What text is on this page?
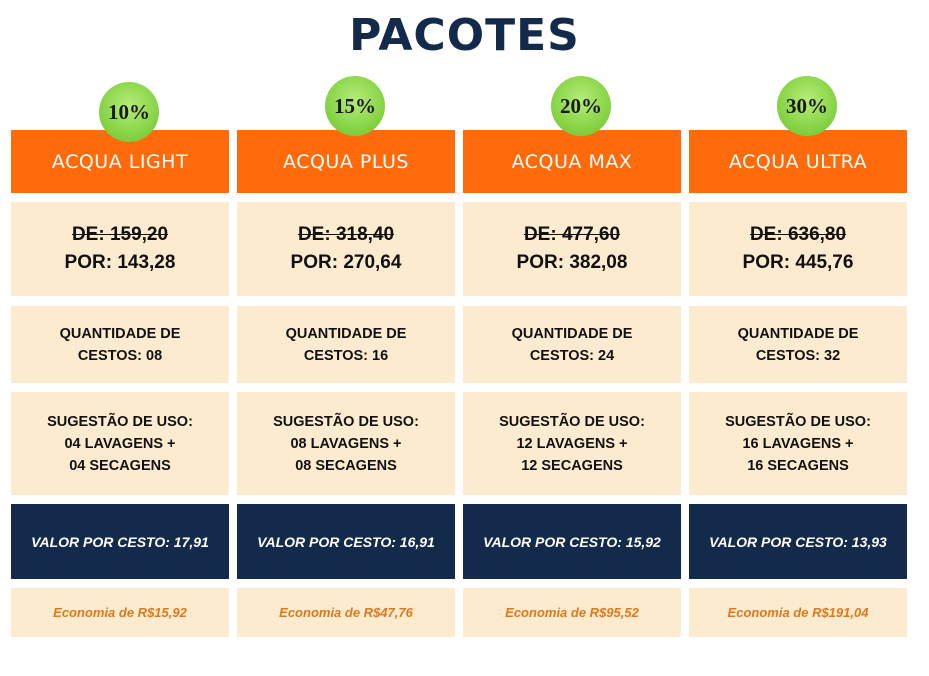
PACOTES
10%
ACQUA LIGHT
DE: 159,20
POR: 143,28
QUANTIDADE DE
CESTOS: 08
SUGESTÃO DE USO:
04 LAVAGENS +
04 SECAGENS
VALOR POR CESTO: 17,91
Economia de R$15,92
15%
ACQUA PLUS
DE: 318,40
POR: 270,64
QUANTIDADE DE
CESTOS: 16
SUGESTÃO DE USO:
08 LAVAGENS +
08 SECAGENS
VALOR POR CESTO: 16,91
Economia de R$47,76
20%
ACQUA MAX
DE: 477,60
POR: 382,08
QUANTIDADE DE
CESTOS: 24
SUGESTÃO DE USO:
12 LAVAGENS +
12 SECAGENS
VALOR POR CESTO: 15,92
Economia de R$95,52
30%
ACQUA ULTRA
DE: 636,80
POR: 445,76
QUANTIDADE DE
CESTOS: 32
SUGESTÃO DE USO:
16 LAVAGENS +
16 SECAGENS
VALOR POR CESTO: 13,93
Economia de R$191,04
